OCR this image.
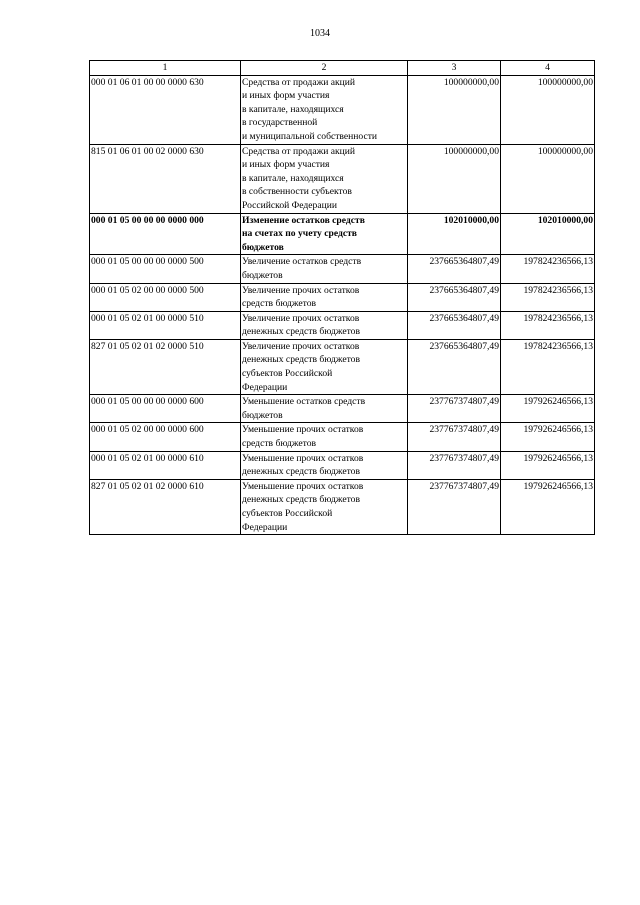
1034
1	2	3	4
000 01 06 01 00 00 0000 630	Средства от продажи акций
и иных форм участия
в капитале, находящихся
в государственной
и муниципальной собственности	100000000,00	100000000,00
815 01 06 01 00 02 0000 630	Средства от продажи акций
и иных форм участия
в капитале, находящихся
в собственности субъектов
Российской Федерации	100000000,00	100000000,00
000 01 05 00 00 00 0000 000	Изменение остатков средств
на счетах по учету средств
бюджетов	102010000,00	102010000,00
000 01 05 00 00 00 0000 500	Увеличение остатков средств
бюджетов	237665364807,49	197824236566,13
000 01 05 02 00 00 0000 500	Увеличение прочих остатков
средств бюджетов	237665364807,49	197824236566,13
000 01 05 02 01 00 0000 510	Увеличение прочих остатков
денежных средств бюджетов	237665364807,49	197824236566,13
827 01 05 02 01 02 0000 510	Увеличение прочих остатков
денежных средств бюджетов
субъектов Российской
Федерации	237665364807,49	197824236566,13
000 01 05 00 00 00 0000 600	Уменьшение остатков средств
бюджетов	237767374807,49	197926246566,13
000 01 05 02 00 00 0000 600	Уменьшение прочих остатков
средств бюджетов	237767374807,49	197926246566,13
000 01 05 02 01 00 0000 610	Уменьшение прочих остатков
денежных средств бюджетов	237767374807,49	197926246566,13
827 01 05 02 01 02 0000 610	Уменьшение прочих остатков
денежных средств бюджетов
субъектов Российской
Федерации	237767374807,49	197926246566,13
